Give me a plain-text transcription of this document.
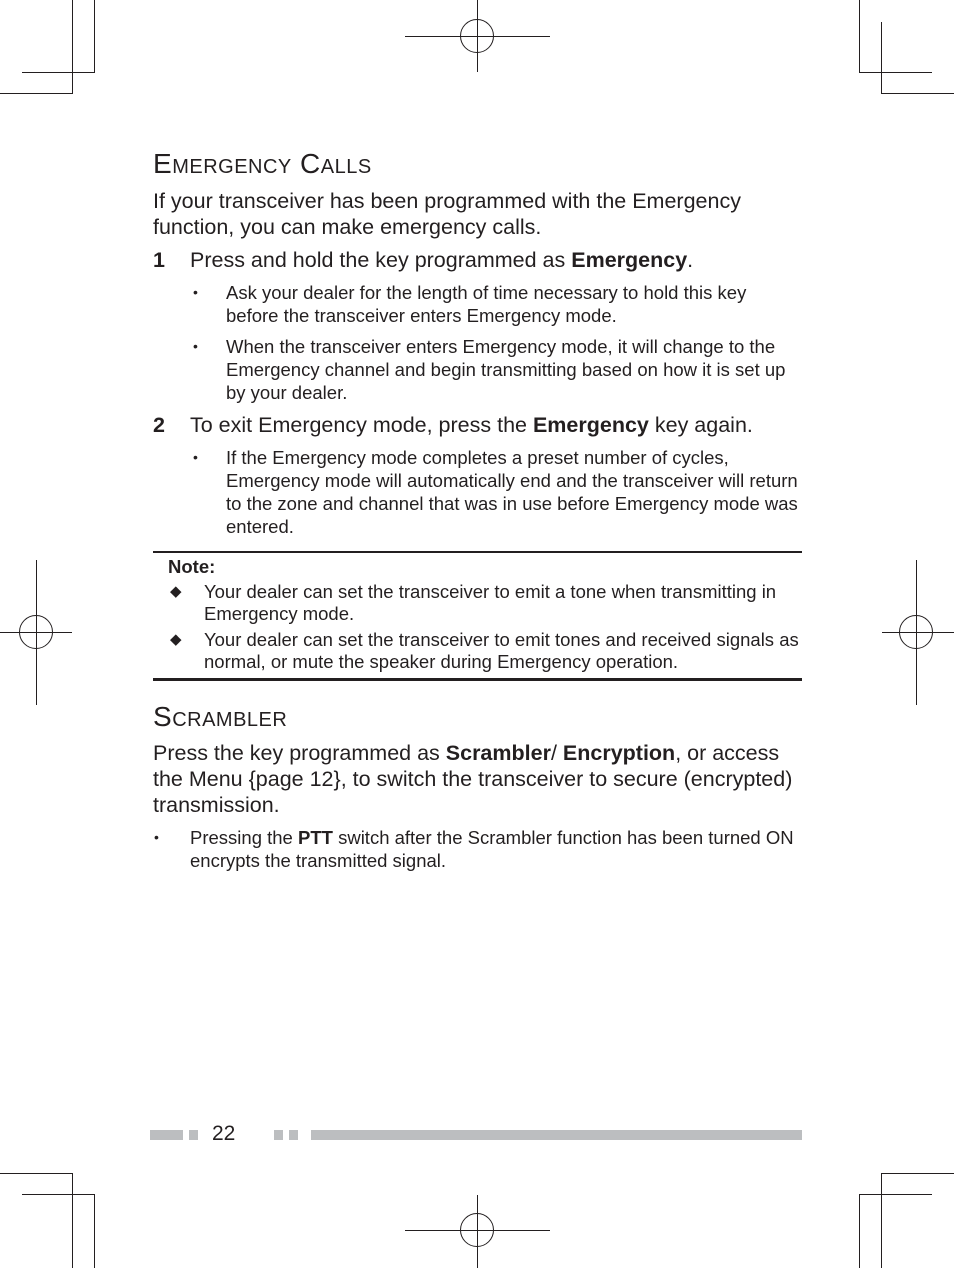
EMERGENCY CALLS

If your transceiver has been programmed with the Emergency function, you can make emergency calls.

1 Press and hold the key programmed as Emergency.
• Ask your dealer for the length of time necessary to hold this key before the transceiver enters Emergency mode.
• When the transceiver enters Emergency mode, it will change to the Emergency channel and begin transmitting based on how it is set up by your dealer.
2 To exit Emergency mode, press the Emergency key again.
• If the Emergency mode completes a preset number of cycles, Emergency mode will automatically end and the transceiver will return to the zone and channel that was in use before Emergency mode was entered.
Note:
◆ Your dealer can set the transceiver to emit a tone when transmitting in Emergency mode.
◆ Your dealer can set the transceiver to emit tones and received signals as normal, or mute the speaker during Emergency operation.
SCRAMBLER

Press the key programmed as Scrambler/ Encryption, or access the Menu {page 12}, to switch the transceiver to secure (encrypted) transmission.

• Pressing the PTT switch after the Scrambler function has been turned ON encrypts the transmitted signal.
22
